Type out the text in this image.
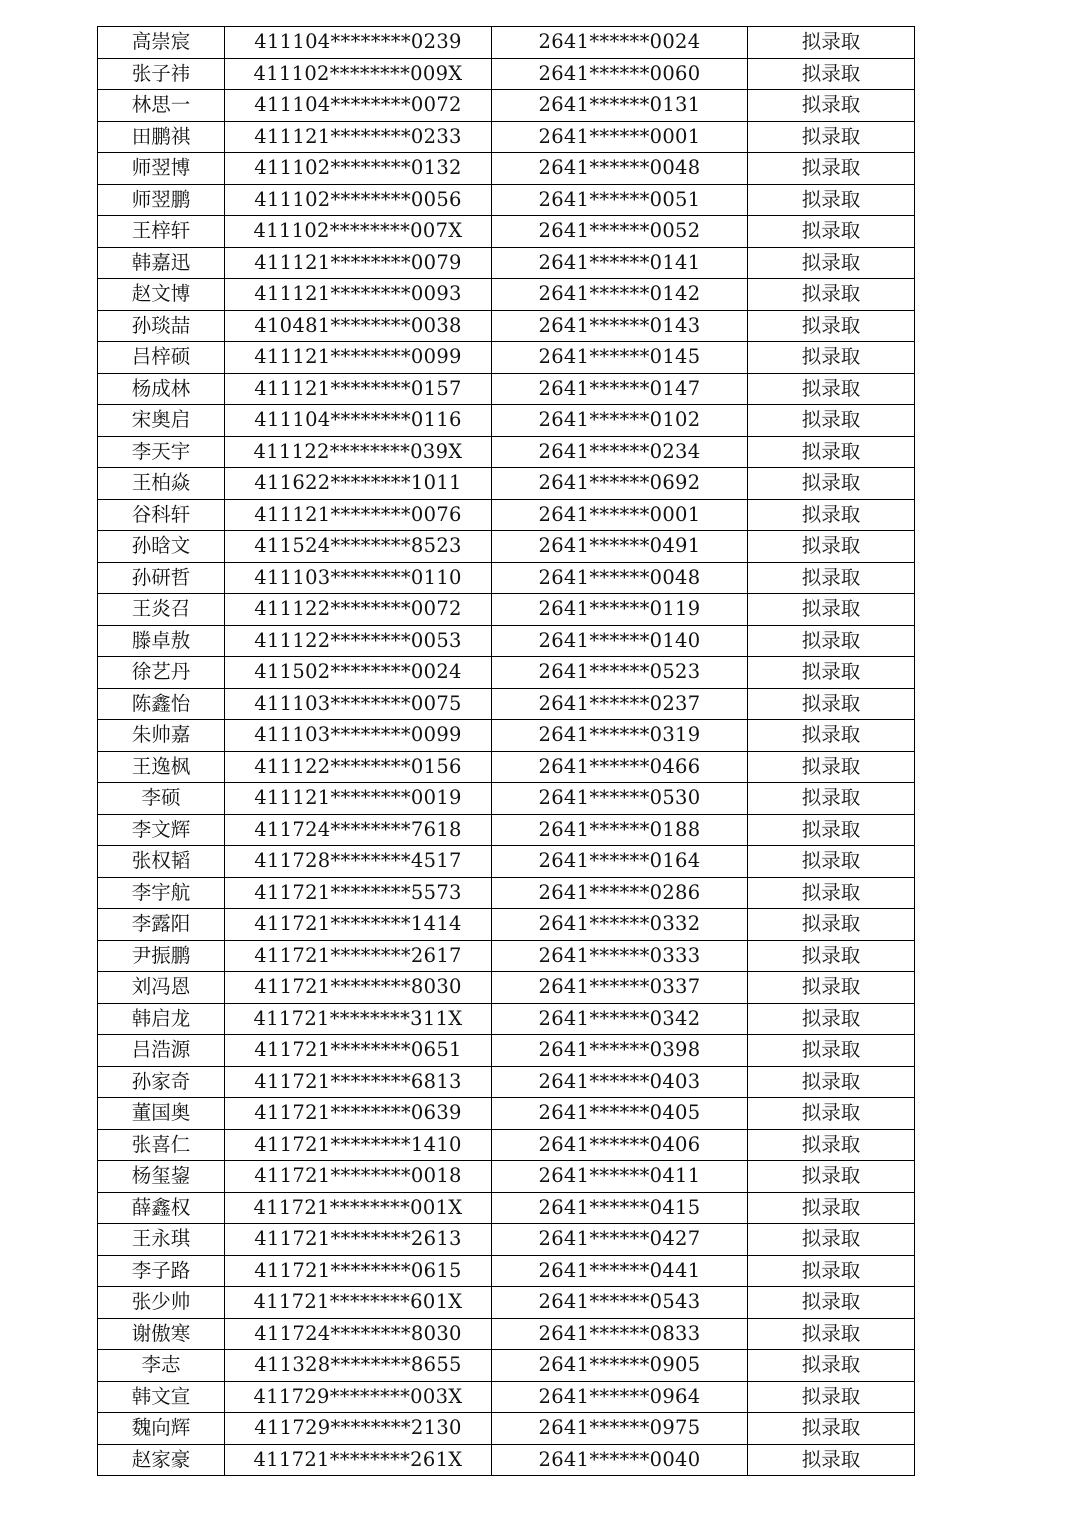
高崇宸	411104********0239	2641******0024	拟录取
张子祎	411102********009X	2641******0060	拟录取
林思一	411104********0072	2641******0131	拟录取
田鹏祺	411121********0233	2641******0001	拟录取
师翌博	411102********0132	2641******0048	拟录取
师翌鹏	411102********0056	2641******0051	拟录取
王梓轩	411102********007X	2641******0052	拟录取
韩嘉迅	411121********0079	2641******0141	拟录取
赵文博	411121********0093	2641******0142	拟录取
孙琰喆	410481********0038	2641******0143	拟录取
吕梓硕	411121********0099	2641******0145	拟录取
杨成林	411121********0157	2641******0147	拟录取
宋奥启	411104********0116	2641******0102	拟录取
李天宇	411122********039X	2641******0234	拟录取
王柏焱	411622********1011	2641******0692	拟录取
谷科轩	411121********0076	2641******0001	拟录取
孙晗文	411524********8523	2641******0491	拟录取
孙研哲	411103********0110	2641******0048	拟录取
王炎召	411122********0072	2641******0119	拟录取
滕卓敖	411122********0053	2641******0140	拟录取
徐艺丹	411502********0024	2641******0523	拟录取
陈鑫怡	411103********0075	2641******0237	拟录取
朱帅嘉	411103********0099	2641******0319	拟录取
王逸枫	411122********0156	2641******0466	拟录取
李硕	411121********0019	2641******0530	拟录取
李文辉	411724********7618	2641******0188	拟录取
张权韬	411728********4517	2641******0164	拟录取
李宇航	411721********5573	2641******0286	拟录取
李露阳	411721********1414	2641******0332	拟录取
尹振鹏	411721********2617	2641******0333	拟录取
刘冯恩	411721********8030	2641******0337	拟录取
韩启龙	411721********311X	2641******0342	拟录取
吕浩源	411721********0651	2641******0398	拟录取
孙家奇	411721********6813	2641******0403	拟录取
董国奥	411721********0639	2641******0405	拟录取
张喜仁	411721********1410	2641******0406	拟录取
杨玺鋆	411721********0018	2641******0411	拟录取
薛鑫权	411721********001X	2641******0415	拟录取
王永琪	411721********2613	2641******0427	拟录取
李子路	411721********0615	2641******0441	拟录取
张少帅	411721********601X	2641******0543	拟录取
谢傲寒	411724********8030	2641******0833	拟录取
李志	411328********8655	2641******0905	拟录取
韩文宣	411729********003X	2641******0964	拟录取
魏向辉	411729********2130	2641******0975	拟录取
赵家豪	411721********261X	2641******0040	拟录取
